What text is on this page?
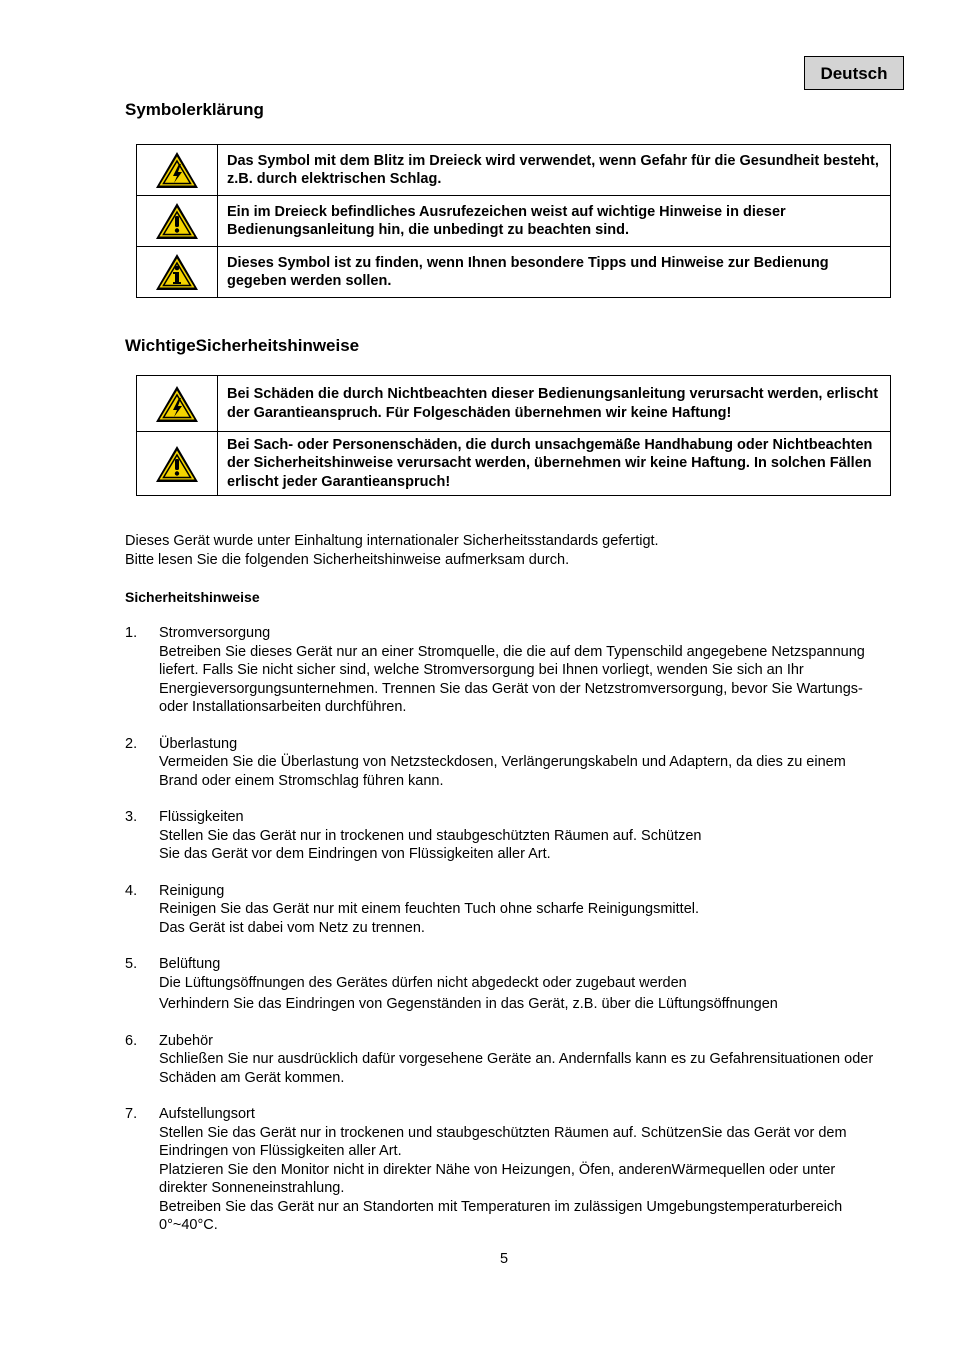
Deutsch
Symbolerklärung
	Das Symbol mit dem Blitz im Dreieck wird verwendet, wenn Gefahr für die Gesundheit besteht, z.B. durch elektrischen Schlag.

	Ein im Dreieck befindliches Ausrufezeichen weist auf wichtige Hinweise in dieser Bedienungsanleitung hin, die unbedingt zu beachten sind.

	Dieses Symbol ist zu finden, wenn Ihnen besondere Tipps und Hinweise zur Bedienung gegeben werden sollen.
WichtigeSicherheitshinweise
	Bei Schäden die durch Nichtbeachten dieser Bedienungsanleitung verursacht werden, erlischt der Garantieanspruch. Für Folgeschäden übernehmen wir keine Haftung!

	Bei Sach- oder Personenschäden, die durch unsachgemäße Handhabung oder Nichtbeachten der Sicherheitshinweise verursacht werden, übernehmen wir keine Haftung. In solchen Fällen erlischt jeder Garantieanspruch!

Dieses Gerät wurde unter Einhaltung internationaler Sicherheitsstandards gefertigt.
Bitte lesen Sie die folgenden Sicherheitshinweise aufmerksam durch.

Sicherheitshinweise
1. Stromversorgung
Betreiben Sie dieses Gerät nur an einer Stromquelle, die die auf dem Typenschild angegebene Netzspannung liefert. Falls Sie nicht sicher sind, welche Stromversorgung bei Ihnen vorliegt, wenden Sie sich an Ihr Energieversorgungsunternehmen. Trennen Sie das Gerät von der Netzstromversorgung, bevor Sie Wartungs- oder Installationsarbeiten durchführen.
2. Überlastung
Vermeiden Sie die Überlastung von Netzsteckdosen, Verlängerungskabeln und Adaptern, da dies zu einem Brand oder einem Stromschlag führen kann.
3. Flüssigkeiten
Stellen Sie das Gerät nur in trockenen und staubgeschützten Räumen auf. Schützen
Sie das Gerät vor dem Eindringen von Flüssigkeiten aller Art.
4. Reinigung
Reinigen Sie das Gerät nur mit einem feuchten Tuch ohne scharfe Reinigungsmittel.
Das Gerät ist dabei vom Netz zu trennen.
5. Belüftung
Die Lüftungsöffnungen des Gerätes dürfen nicht abgedeckt oder zugebaut werden
Verhindern Sie das Eindringen von Gegenständen in das Gerät, z.B. über die Lüftungsöffnungen
6. Zubehör
Schließen Sie nur ausdrücklich dafür vorgesehene Geräte an. Andernfalls kann es zu Gefahrensituationen oder Schäden am Gerät kommen.
7. Aufstellungsort
Stellen Sie das Gerät nur in trockenen und staubgeschützten Räumen auf. SchützenSie das Gerät vor dem Eindringen von Flüssigkeiten aller Art.
Platzieren Sie den Monitor nicht in direkter Nähe von Heizungen, Öfen, anderenWärmequellen oder unter direkter Sonneneinstrahlung.
Betreiben Sie das Gerät nur an Standorten mit Temperaturen im zulässigen Umgebungstemperaturbereich 0°~40°C.
5
